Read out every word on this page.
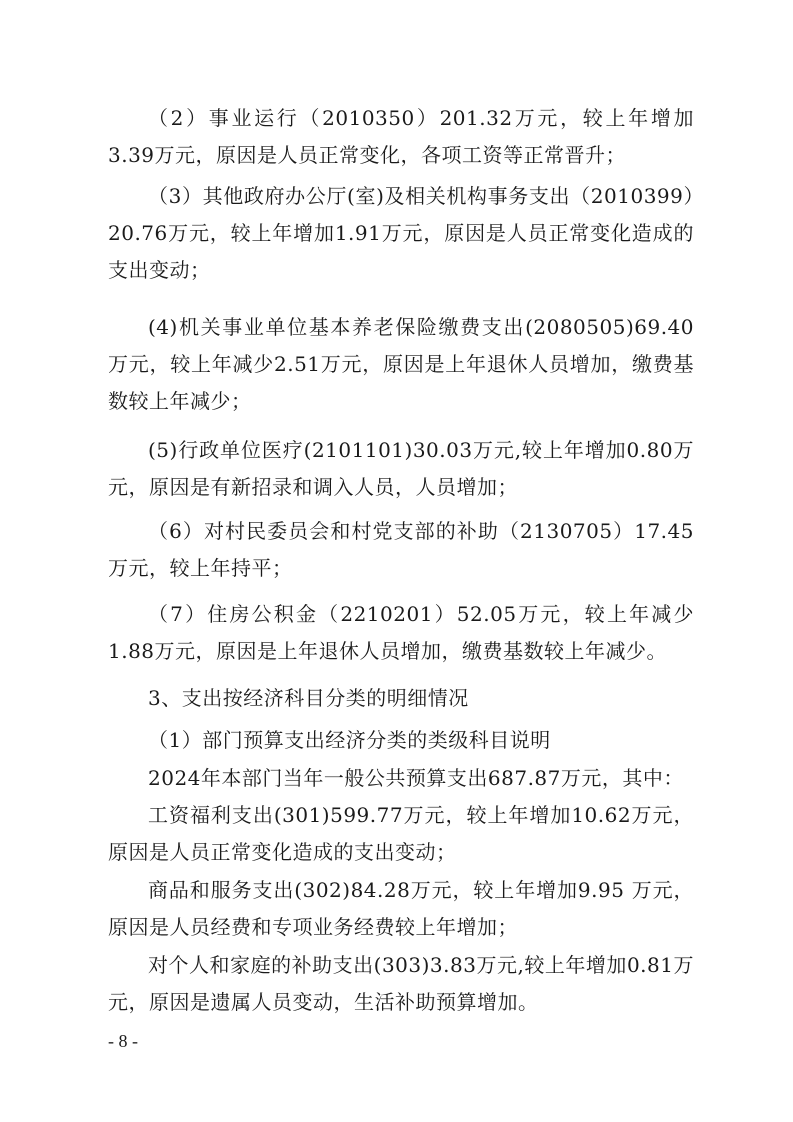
（2）事业运行（2010350）201.32万元，较上年增加3.39万元，原因是人员正常变化，各项工资等正常晋升；

（3）其他政府办公厅(室)及相关机构事务支出（2010399）20.76万元，较上年增加1.91万元，原因是人员正常变化造成的支出变动；

(4)机关事业单位基本养老保险缴费支出(2080505)69.40万元，较上年减少2.51万元，原因是上年退休人员增加，缴费基数较上年减少；

(5)行政单位医疗(2101101)30.03万元,较上年增加0.80万元，原因是有新招录和调入人员，人员增加；

（6）对村民委员会和村党支部的补助（2130705）17.45万元，较上年持平；

（7）住房公积金（2210201）52.05万元，较上年减少1.88万元，原因是上年退休人员增加，缴费基数较上年减少。

3、支出按经济科目分类的明细情况

（1）部门预算支出经济分类的类级科目说明

2024年本部门当年一般公共预算支出687.87万元，其中：

工资福利支出(301)599.77万元，较上年增加10.62万元，原因是人员正常变化造成的支出变动；

商品和服务支出(302)84.28万元，较上年增加9.95 万元，原因是人员经费和专项业务经费较上年增加；

对个人和家庭的补助支出(303)3.83万元,较上年增加0.81万元，原因是遗属人员变动，生活补助预算增加。

- 8 -
